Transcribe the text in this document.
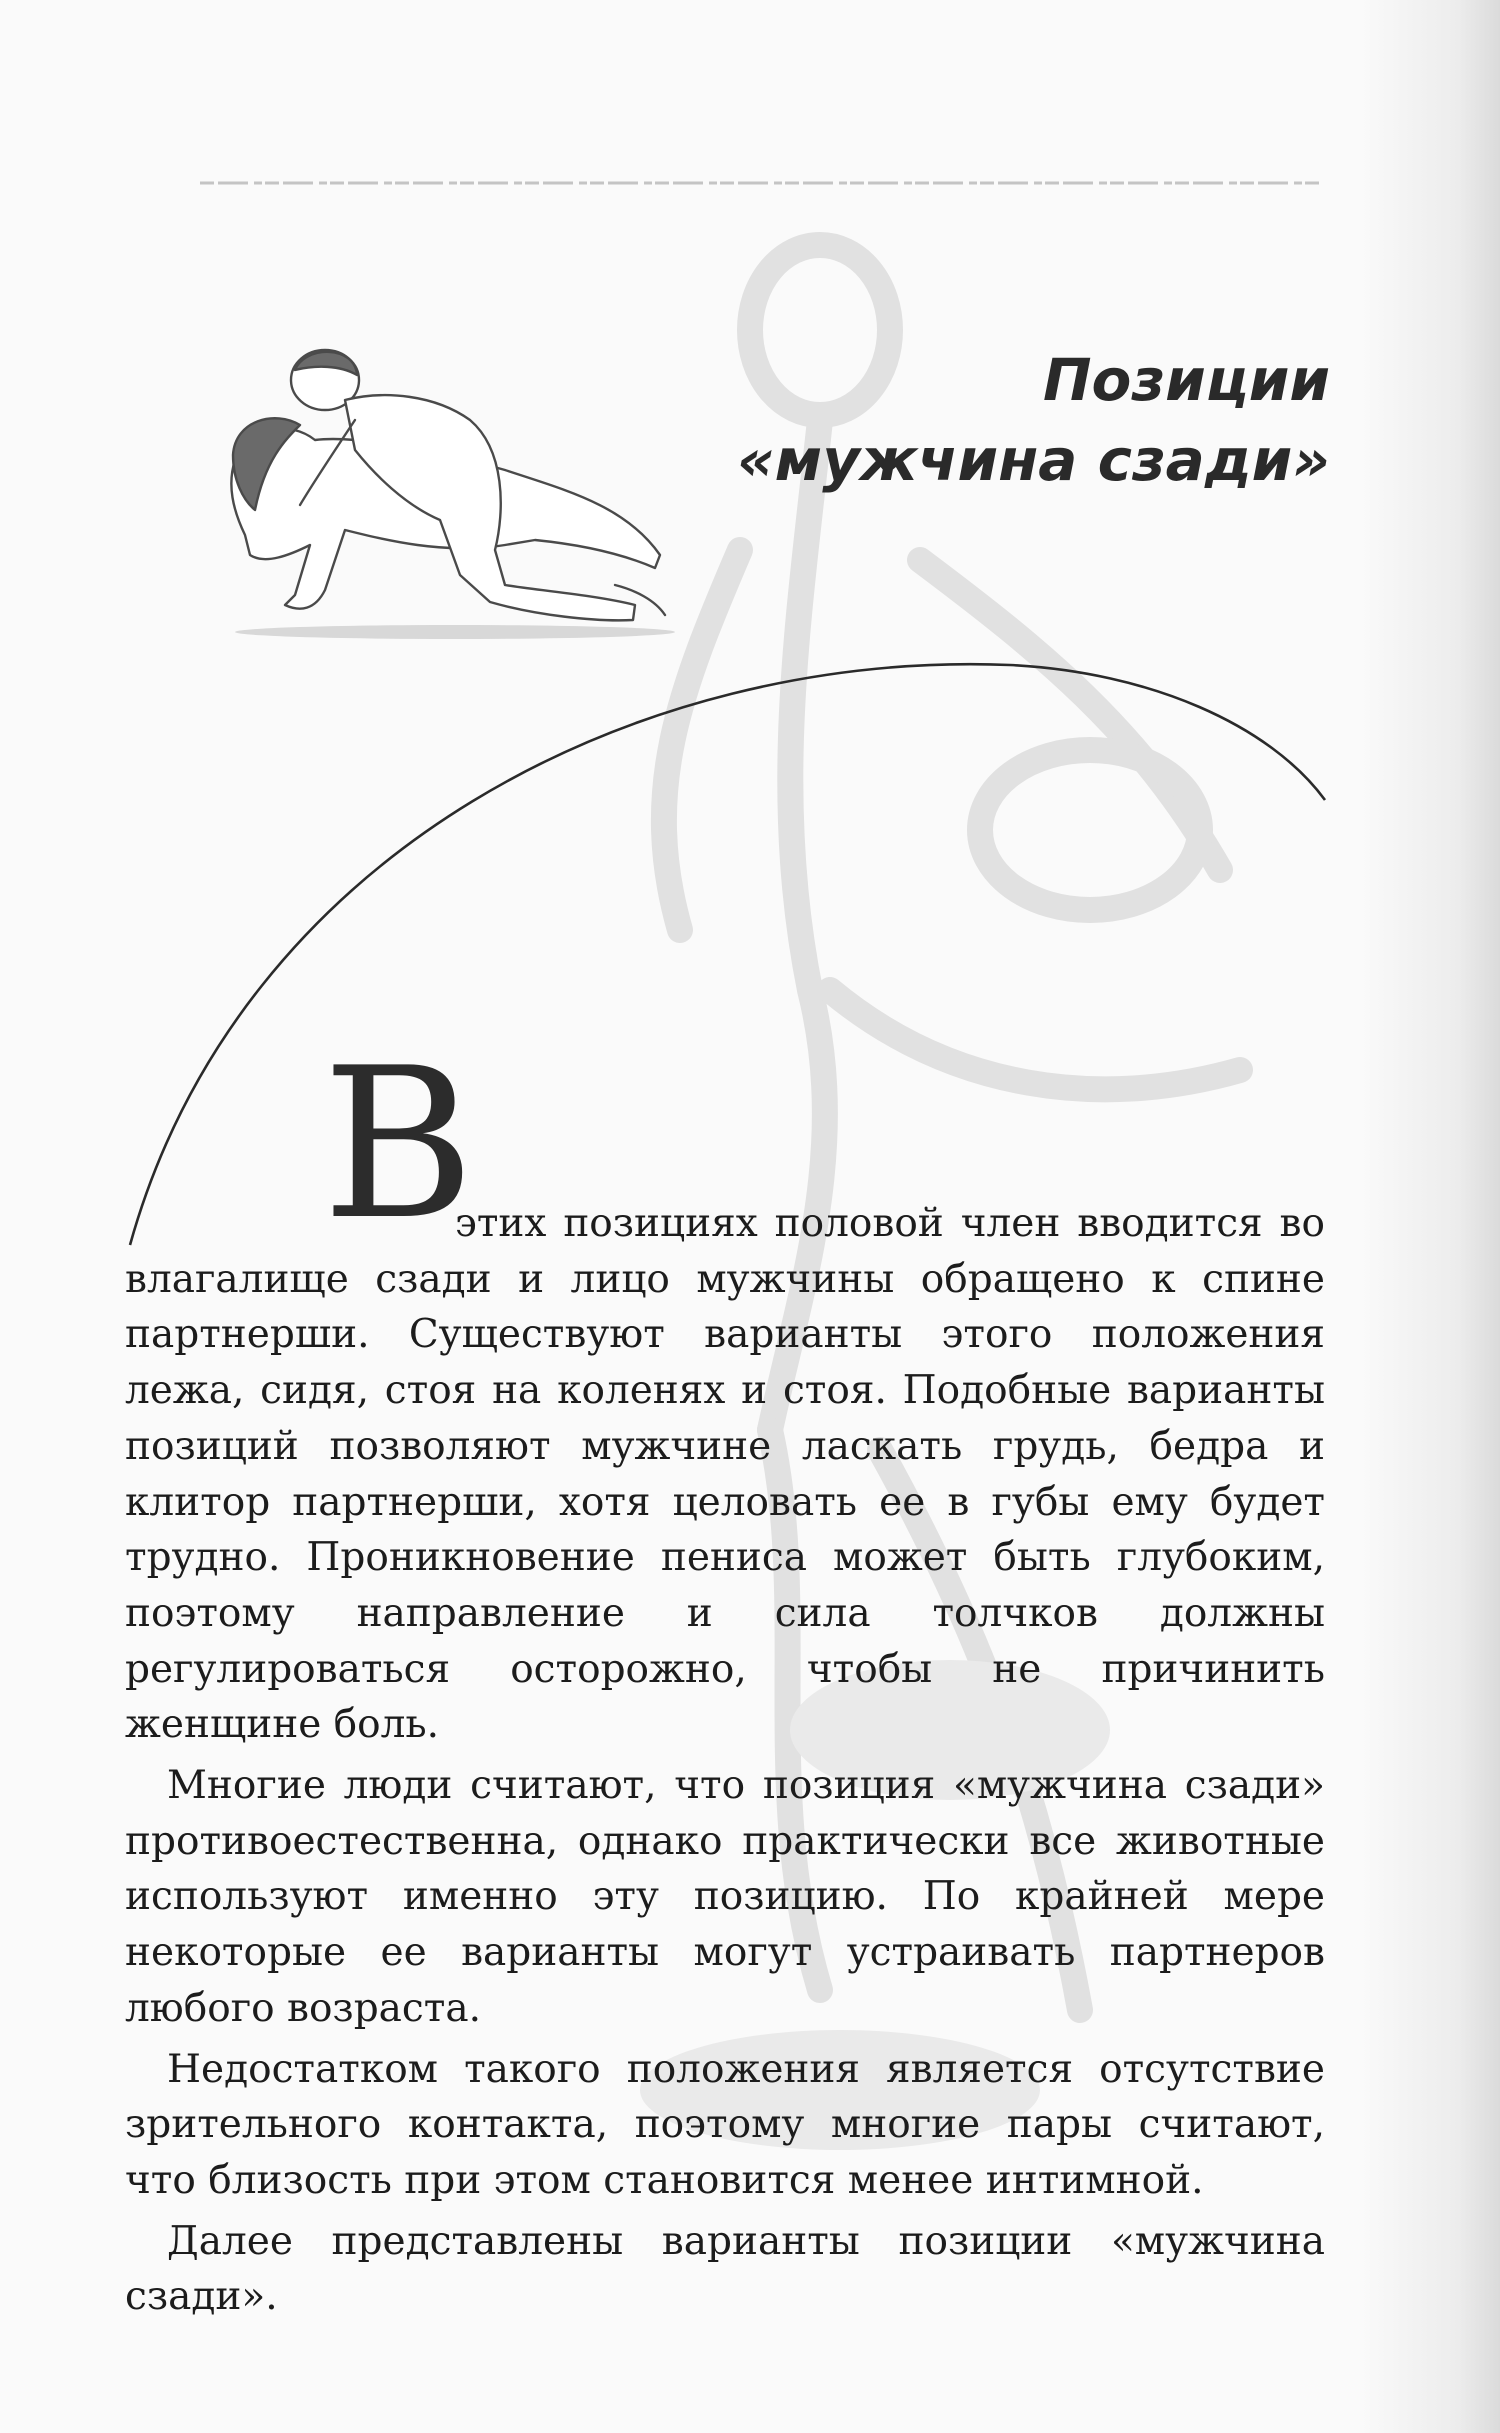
Позиции
«мужчина сзади»
В

этих позициях половой член вводится во влагалище сзади и лицо мужчины обращено к спине партнерши. Существуют варианты этого положения лежа, сидя, стоя на коленях и стоя. Подобные варианты позиций позволяют мужчине ласкать грудь, бедра и клитор партнерши, хотя целовать ее в губы ему будет трудно. Проникновение пениса может быть глубоким, поэтому направление и сила толчков должны регулироваться осторожно, чтобы не причинить женщине боль.

Многие люди считают, что позиция «мужчина сзади» противоестественна, однако практически все животные используют именно эту позицию. По крайней мере некоторые ее варианты могут устраивать партнеров любого возраста.

Недостатком такого положения является отсутствие зрительного контакта, поэтому многие пары считают, что близость при этом становится менее интимной.

Далее представлены варианты позиции «мужчина сзади».
